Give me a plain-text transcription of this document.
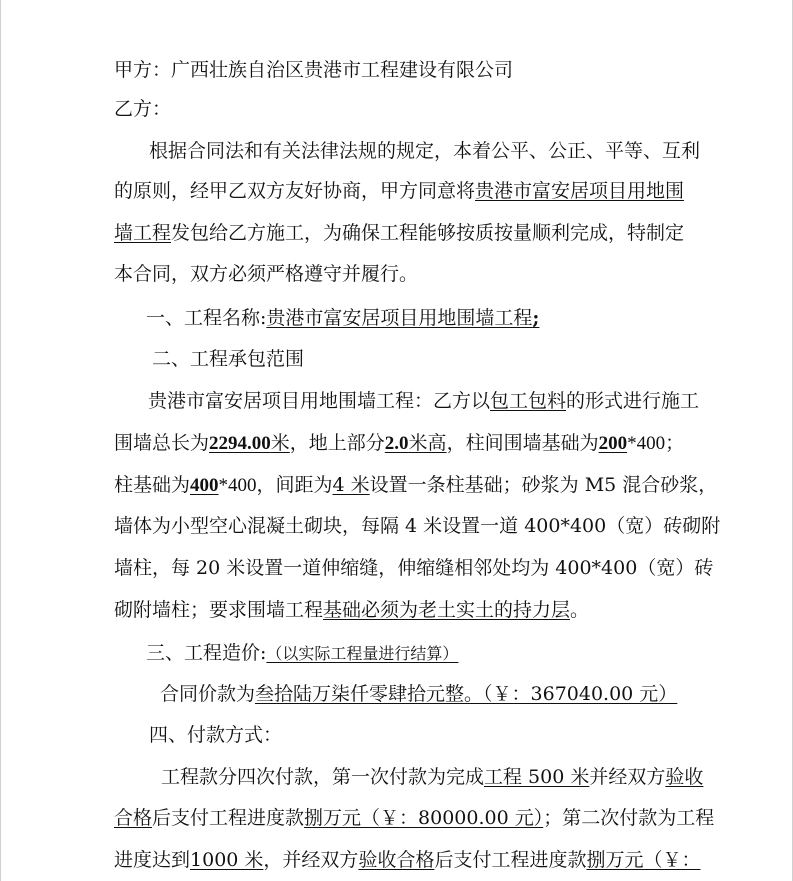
甲方：广西壮族自治区贵港市工程建设有限公司
乙方：
根据合同法和有关法律法规的规定，本着公平、公正、平等、互利
的原则，经甲乙双方友好协商，甲方同意将贵港市富安居项目用地围
墙工程发包给乙方施工，为确保工程能够按质按量顺利完成，特制定
本合同，双方必须严格遵守并履行。
一、工程名称:贵港市富安居项目用地围墙工程;
二、工程承包范围
贵港市富安居项目用地围墙工程：乙方以包工包料的形式进行施工
围墙总长为2294.00米，地上部分2.0米高，柱间围墙基础为200*400；
柱基础为400*400，间距为4 米设置一条柱基础；砂浆为 M5 混合砂浆，
墙体为小型空心混凝土砌块，每隔 4 米设置一道 400*400（宽）砖砌附
墙柱，每 20 米设置一道伸缩缝，伸缩缝相邻处均为 400*400（宽）砖
砌附墙柱；要求围墙工程基础必须为老土实土的持力层。
三、工程造价:（以实际工程量进行结算）
合同价款为叁拾陆万柒仟零肆拾元整。（￥：367040.00 元）
四、付款方式：
工程款分四次付款，第一次付款为完成工程 500 米并经双方验收
合格后支付工程进度款捌万元（￥：80000.00 元）；第二次付款为工程
进度达到1000 米，并经双方验收合格后支付工程进度款捌万元（￥：
